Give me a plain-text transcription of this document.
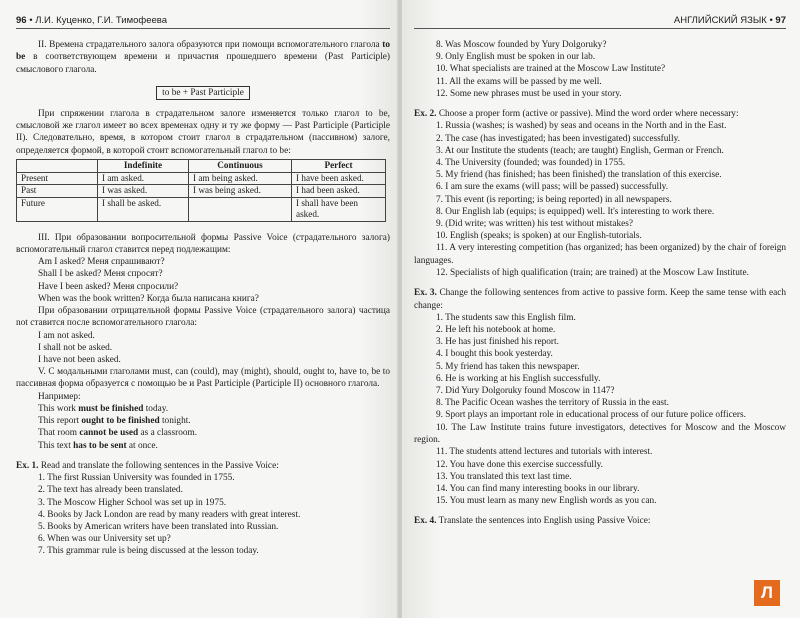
96 • Л.И. Куценко, Г.И. Тимофеева

II. Времена страдательного залога образуются при помощи вспомогательного глагола to be в соответствующем времени и причастия прошедшего времени (Past Participle) смысловогo глагола.

to be + Past Participle

При спряжении глагола в страдательном залоге изменяется только глагол to be, смысловой же глагол имеет во всех временах одну и ту же форму — Past Participle (Participle II). Следовательно, время, в котором стоит глагол в страдательном (пассивном) залоге, определяется формой, в которой стоит вспомогательный глагол to be:

	Indefinite	Continuous	Perfect
Present	I am asked.	I am being asked.	I have been asked.
Past	I was asked.	I was being asked.	I had been asked.
Future	I shall be asked.		I shall have been asked.

III. При образовании вопросительной формы Passive Voice (страдательного залога) вспомогательный глагол ставится перед подлежащим:

Am I asked? Меня спрашивают?

Shall I be asked? Меня спросят?

Have I been asked? Меня спросили?

When was the book written? Когда была написана книга?

При образовании отрицательной формы Passive Voice (страдательного залога) частица not ставится после вспомогательного глагола:

I am not asked.

I shall not be asked.

I have not been asked.

V. С модальными глаголами must, can (could), may (might), should, ought to, have to, be to пассивная форма образуется с помощью be и Past Participle (Participle II) основного глагола.

Например:

This work must be finished today.

This report ought to be finished tonight.

That room cannot be used as a classroom.

This text has to be sent at once.

Ex. 1. Read and translate the following sentences in the Passive Voice:

1. The first Russian University was founded in 1755.

2. The text has already been translated.

3. The Moscow Higher School was set up in 1975.

4. Books by Jack London are read by many readers with great interest.

5. Books by American writers have been translated into Russian.

6. When was our University set up?

7. This grammar rule is being discussed at the lesson today.

АНГЛИЙСКИЙ ЯЗЫК • 97

8. Was Moscow founded by Yury Dolgoruky?

9. Only English must be spoken in our lab.

10. What specialists are trained at the Moscow Law Institute?

11. All the exams will be passed by me well.

12. Some new phrases must be used in your story.

Ex. 2. Choose a proper form (active or passive). Mind the word order where necessary:

1. Russia (washes; is washed) by seas and oceans in the North and in the East.

2. The case (has investigated; has been investigated) successfully.

3. At our Institute the students (teach; are taught) English, German or French.

4. The University (founded; was founded) in 1755.

5. My friend (has finished; has been finished) the translation of this exercise.

6. I am sure the exams (will pass; will be passed) successfully.

7. This event (is reporting; is being reported) in all newspapers.

8. Our English lab (equips; is equipped) well. It's interesting to work there.

9. (Did write; was written) his test without mistakes?

10. English (speaks; is spoken) at our English-tutorials.

11. A very interesting competition (has organized; has been organized) by the chair of foreign languages.

12. Specialists of high qualification (train; are trained) at the Moscow Law Institute.

Ex. 3. Change the following sentences from active to passive form. Keep the same tense with each change:

1. The students saw this English film.

2. He left his notebook at home.

3. He has just finished his report.

4. I bought this book yesterday.

5. My friend has taken this newspaper.

6. He is working at his English successfully.

7. Did Yury Dolgoruky found Moscow in 1147?

8. The Pacific Ocean washes the territory of Russia in the east.

9. Sport plays an important role in educational process of our future police officers.

10. The Law Institute trains future investigators, detectives for Moscow and the Moscow region.

11. The students attend lectures and tutorials with interest.

12. You have done this exercise successfully.

13. You translated this text last time.

14. You can find many interesting books in our library.

15. You must learn as many new English words as you can.

Ex. 4. Translate the sentences into English using Passive Voice:

Л
